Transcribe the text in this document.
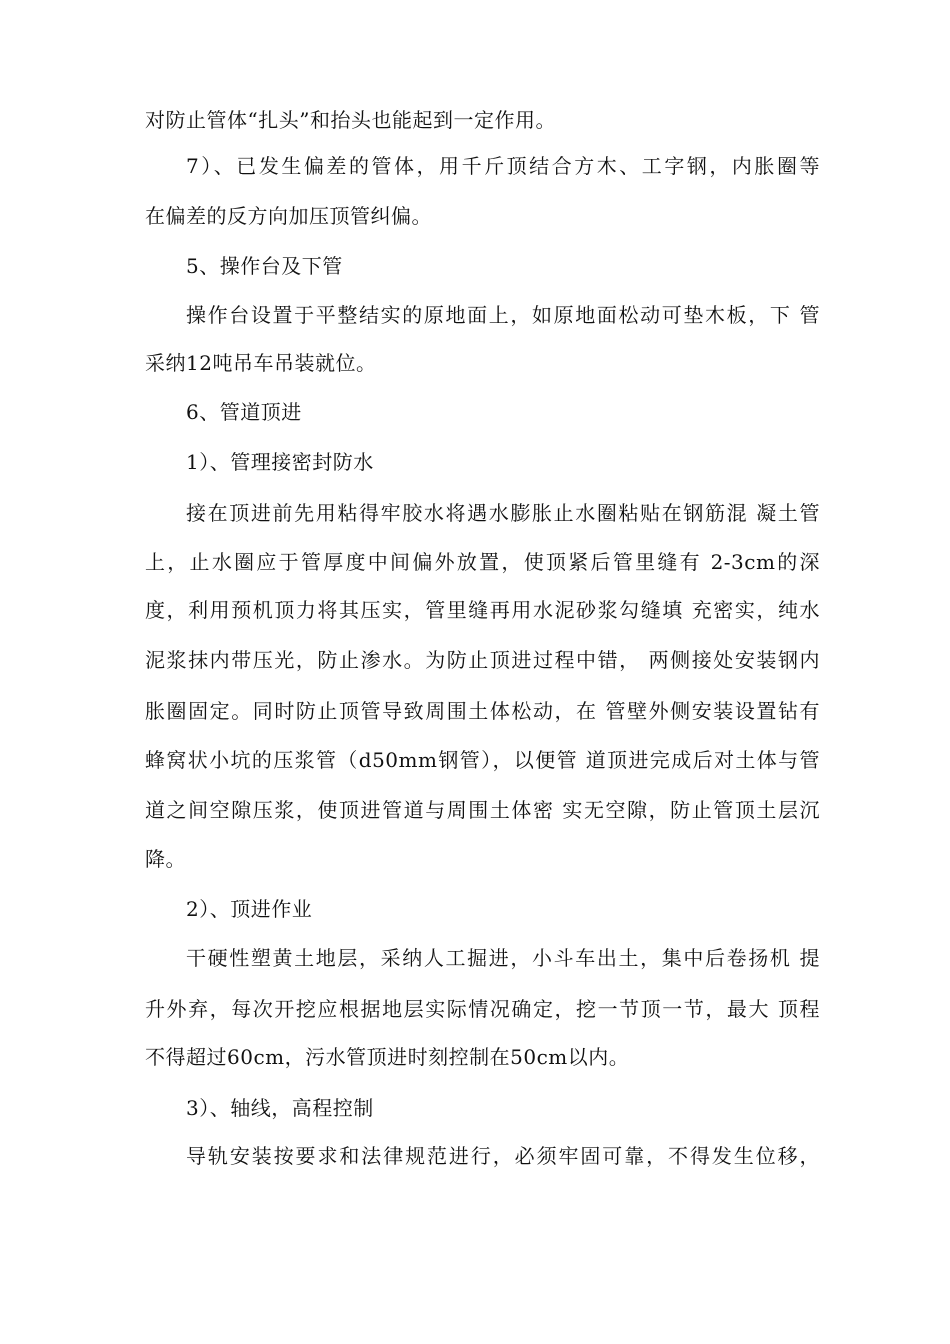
对防止管体“扎头”和抬头也能起到一定作用。
7）、已发生偏差的管体，用千斤顶结合方木、工字钢，内胀圈等
在偏差的反方向加压顶管纠偏。
5、操作台及下管
操作台设置于平整结实的原地面上，如原地面松动可垫木板，下 管
采纳12吨吊车吊装就位。
6、管道顶进
1）、管理接密封防水
接在顶进前先用粘得牢胶水将遇水膨胀止水圈粘贴在钢筋混 凝土管
上，止水圈应于管厚度中间偏外放置，使顶紧后管里缝有 2-3cm的深
度，利用预机顶力将其压实，管里缝再用水泥砂浆勾缝填 充密实，纯水
泥浆抹内带压光，防止渗水。为防止顶进过程中错， 两侧接处安装钢内
胀圈固定。同时防止顶管导致周围土体松动，在 管壁外侧安装设置钻有
蜂窝状小坑的压浆管（d50mm钢管），以便管 道顶进完成后对土体与管
道之间空隙压浆，使顶进管道与周围土体密 实无空隙，防止管顶土层沉
降。
2）、顶进作业
干硬性塑黄土地层，采纳人工掘进，小斗车出土，集中后卷扬机 提
升外弃，每次开挖应根据地层实际情况确定，挖一节顶一节，最大 顶程
不得超过60cm，污水管顶进时刻控制在50cm以内。
3）、轴线，高程控制
导轨安装按要求和法律规范进行，必须牢固可靠，不得发生位移，
